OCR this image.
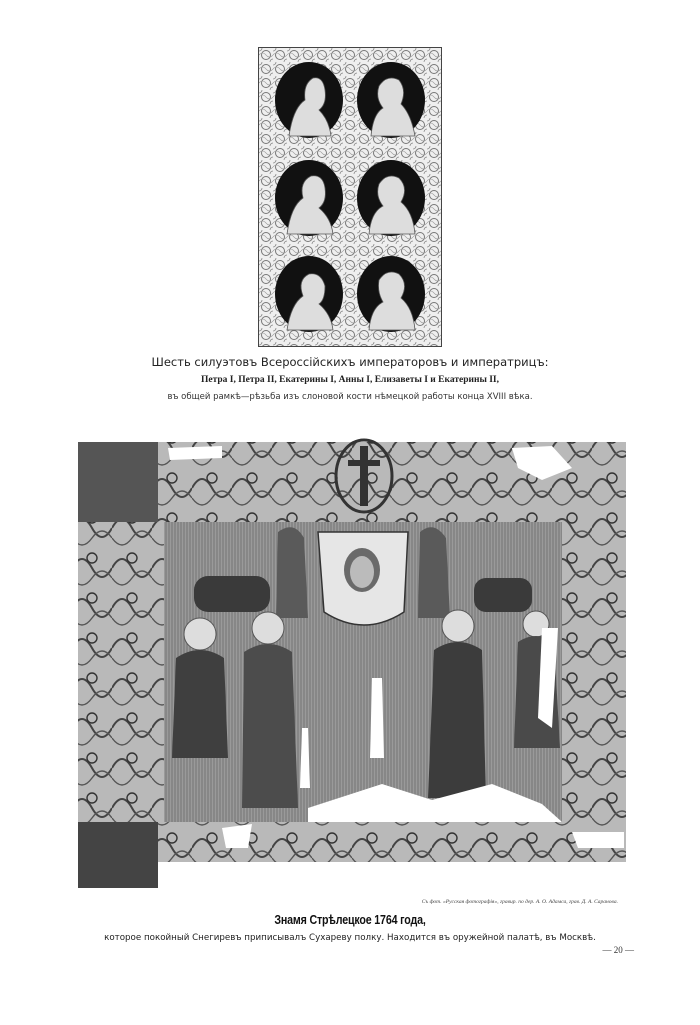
Шесть силуэтовъ Всероссійскихъ императоровъ и императрицъ:
Петра I, Петра II, Екатерины I, Анны I, Елизаветы I и Екатерины II,
въ общей рамкѣ—рѣзьба изъ слоновой кости нѣмецкой работы конца XVIII вѣка.
Съ фот. «Русская фотографія», гравир. по дер. А. О. Адамса, грав. Д. А. Саранова.
Знамя Стрѣлецкое 1764 года,
которое покойный Снегиревъ приписывалъ Сухареву полку. Находится въ оружейной палатѣ, въ Москвѣ.
— 20 —
